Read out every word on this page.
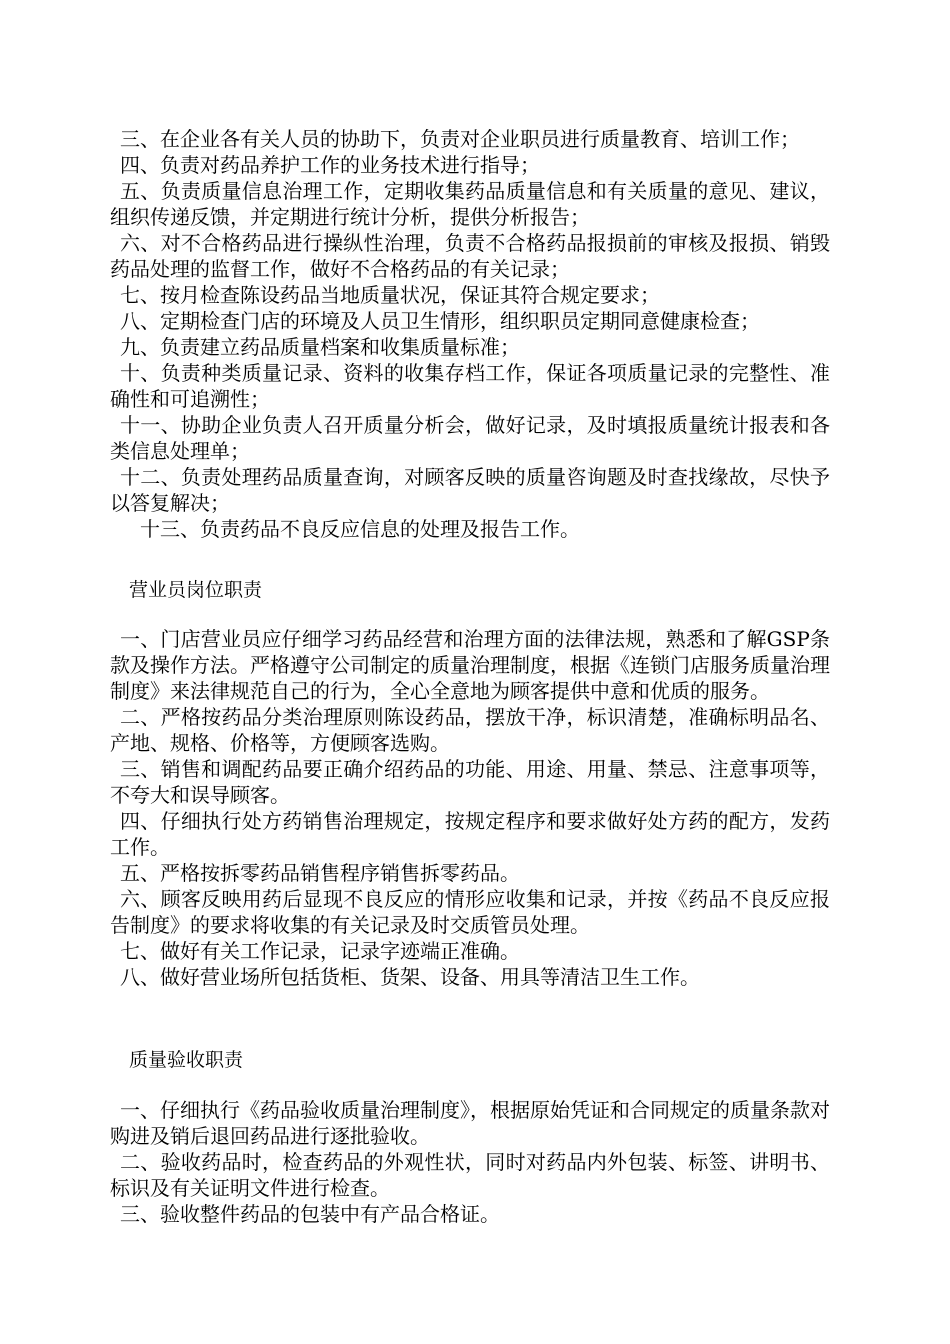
三、在企业各有关人员的协助下，负责对企业职员进行质量教育、培训工作；

四、负责对药品养护工作的业务技术进行指导；

五、负责质量信息治理工作，定期收集药品质量信息和有关质量的意见、建议，组织传递反馈，并定期进行统计分析，提供分析报告；

六、对不合格药品进行操纵性治理，负责不合格药品报损前的审核及报损、销毁药品处理的监督工作，做好不合格药品的有关记录；

七、按月检查陈设药品当地质量状况，保证其符合规定要求；

八、定期检查门店的环境及人员卫生情形，组织职员定期同意健康检查；

九、负责建立药品质量档案和收集质量标准；

十、负责种类质量记录、资料的收集存档工作，保证各项质量记录的完整性、准确性和可追溯性；

十一、协助企业负责人召开质量分析会，做好记录，及时填报质量统计报表和各类信息处理单；

十二、负责处理药品质量查询，对顾客反映的质量咨询题及时查找缘故，尽快予以答复解决；

十三、负责药品不良反应信息的处理及报告工作。

营业员岗位职责

一、门店营业员应仔细学习药品经营和治理方面的法律法规，熟悉和了解GSP条款及操作方法。严格遵守公司制定的质量治理制度，根据《连锁门店服务质量治理制度》来法律规范自己的行为，全心全意地为顾客提供中意和优质的服务。

二、严格按药品分类治理原则陈设药品，摆放干净，标识清楚，准确标明品名、产地、规格、价格等，方便顾客选购。

三、销售和调配药品要正确介绍药品的功能、用途、用量、禁忌、注意事项等，不夸大和误导顾客。

四、仔细执行处方药销售治理规定，按规定程序和要求做好处方药的配方，发药工作。

五、严格按拆零药品销售程序销售拆零药品。

六、顾客反映用药后显现不良反应的情形应收集和记录，并按《药品不良反应报告制度》的要求将收集的有关记录及时交质管员处理。

七、做好有关工作记录，记录字迹端正准确。

八、做好营业场所包括货柜、货架、设备、用具等清洁卫生工作。

质量验收职责

一、仔细执行《药品验收质量治理制度》，根据原始凭证和合同规定的质量条款对购进及销后退回药品进行逐批验收。

二、验收药品时，检查药品的外观性状，同时对药品内外包装、标签、讲明书、标识及有关证明文件进行检查。

三、验收整件药品的包装中有产品合格证。
